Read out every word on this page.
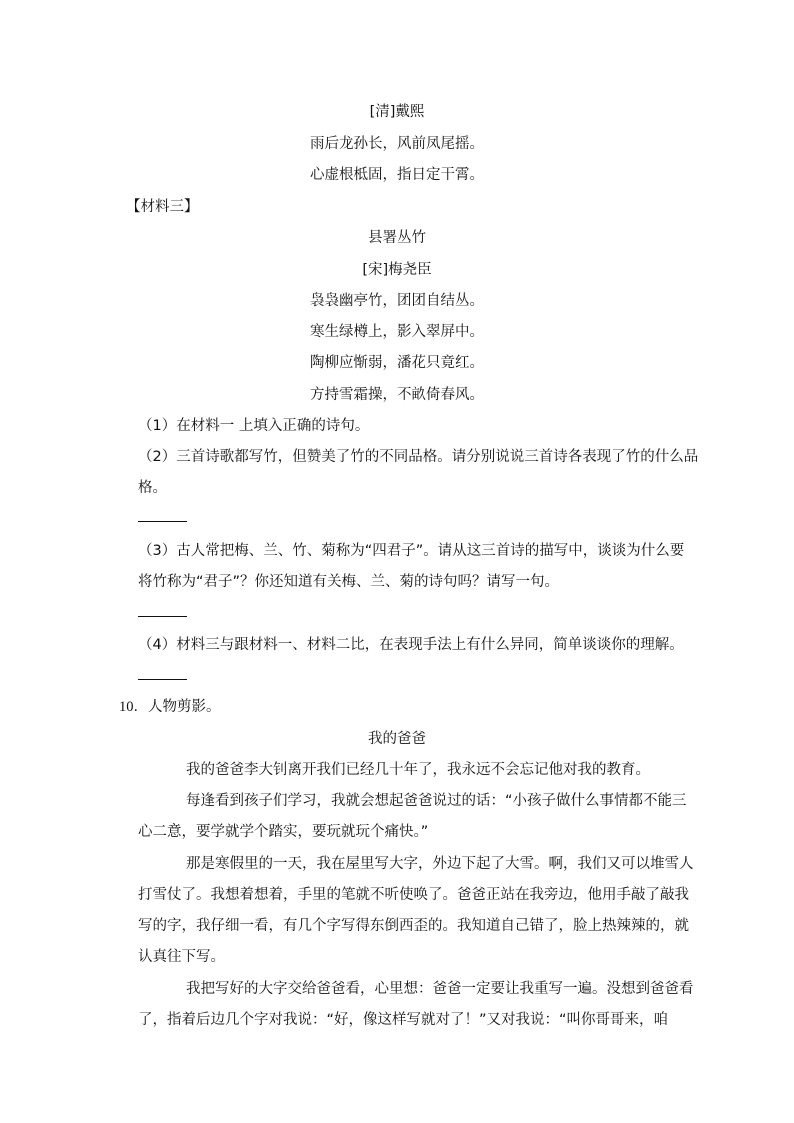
[清]戴熙
雨后龙孙长，风前凤尾摇。
心虚根柢固，指日定干霄。
【材料三】
县署丛竹
[宋]梅尧臣
袅袅幽亭竹，团团自结丛。
寒生绿樽上，影入翠屏中。
陶柳应惭弱，潘花只竟红。
方持雪霜操，不畝倚春风。
（1）在材料一 上填入正确的诗句。
（2）三首诗歌都写竹，但赞美了竹的不同品格。请分别说说三首诗各表现了竹的什么品
格。
（3）古人常把梅、兰、竹、菊称为“四君子”。请从这三首诗的描写中，谈谈为什么要
将竹称为“君子”？你还知道有关梅、兰、菊的诗句吗？请写一句。
（4）材料三与跟材料一、材料二比，在表现手法上有什么异同，简单谈谈你的理解。
10．人物剪影。
我的爸爸
我的爸爸李大钊离开我们已经几十年了，我永远不会忘记他对我的教育。
每逢看到孩子们学习，我就会想起爸爸说过的话：“小孩子做什么事情都不能三
心二意，要学就学个踏实，要玩就玩个痛快。”
那是寒假里的一天，我在屋里写大字，外边下起了大雪。啊，我们又可以堆雪人
打雪仗了。我想着想着，手里的笔就不听使唤了。爸爸正站在我旁边，他用手敲了敲我
写的字，我仔细一看，有几个字写得东倒西歪的。我知道自己错了，脸上热辣辣的，就
认真往下写。
我把写好的大字交给爸爸看，心里想：爸爸一定要让我重写一遍。没想到爸爸看
了，指着后边几个字对我说：“好，像这样写就对了！”又对我说：“叫你哥哥来，咱
